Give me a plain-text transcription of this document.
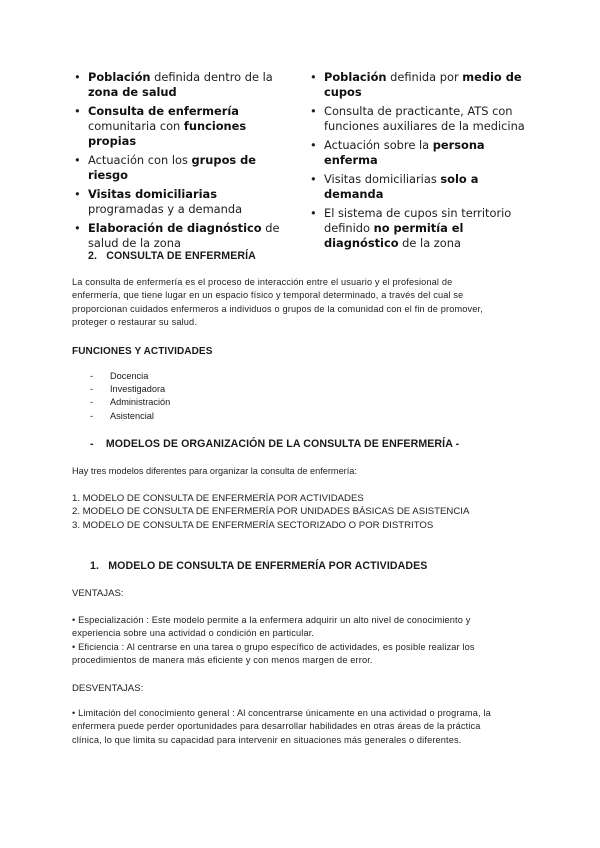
• Población definida dentro de la zona de salud
• Consulta de enfermería comunitaria con funciones propias
• Actuación con los grupos de riesgo
• Visitas domiciliarias programadas y a demanda
• Elaboración de diagnóstico de salud de la zona
• Población definida por medio de cupos
• Consulta de practicante, ATS con funciones auxiliares de la medicina
• Actuación sobre la persona enferma
• Visitas domiciliarias solo a demanda
• El sistema de cupos sin territorio definido no permitía el diagnóstico de la zona
2. CONSULTA DE ENFERMERÍA
La consulta de enfermería es el proceso de interacción entre el usuario y el profesional de
enfermería, que tiene lugar en un espacio físico y temporal determinado, a través del cual se
proporcionan cuidados enfermeros a individuos o grupos de la comunidad con el fin de promover,
proteger o restaurar su salud.
FUNCIONES Y ACTIVIDADES
- Docencia
- Investigadora
- Administración
- Asistencial
- MODELOS DE ORGANIZACIÓN DE LA CONSULTA DE ENFERMERÍA -
Hay tres modelos diferentes para organizar la consulta de enfermería:
1. MODELO DE CONSULTA DE ENFERMERÍA POR ACTIVIDADES
2. MODELO DE CONSULTA DE ENFERMERÍA POR UNIDADES BÁSICAS DE ASISTENCIA
3. MODELO DE CONSULTA DE ENFERMERÍA SECTORIZADO O POR DISTRITOS
1. MODELO DE CONSULTA DE ENFERMERÍA POR ACTIVIDADES
VENTAJAS:
• Especialización : Este modelo permite a la enfermera adquirir un alto nivel de conocimiento y
experiencia sobre una actividad o condición en particular.
• Eficiencia : Al centrarse en una tarea o grupo específico de actividades, es posible realizar los
procedimientos de manera más eficiente y con menos margen de error.
DESVENTAJAS:
• Limitación del conocimiento general : Al concentrarse únicamente en una actividad o programa, la
enfermera puede perder oportunidades para desarrollar habilidades en otras áreas de la práctica
clínica, lo que limita su capacidad para intervenir en situaciones más generales o diferentes.
